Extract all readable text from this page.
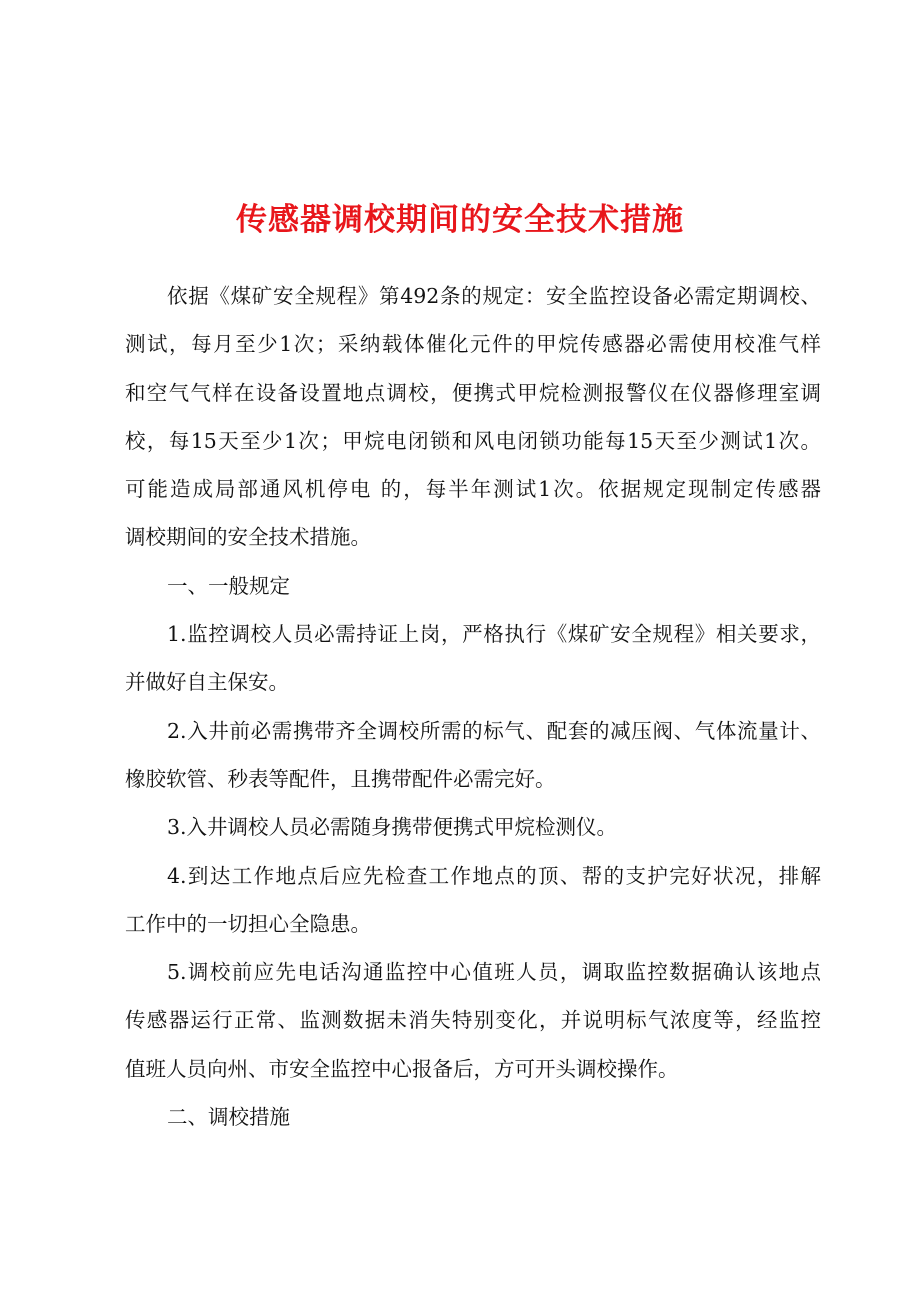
传感器调校期间的安全技术措施
依据《煤矿安全规程》第492条的规定：安全监控设备必需定期调校、
测试，每月至少1次；采纳载体催化元件的甲烷传感器必需使用校准气样
和空气气样在设备设置地点调校，便携式甲烷检测报警仪在仪器修理室调
校，每15天至少1次；甲烷电闭锁和风电闭锁功能每15天至少测试1次。
可能造成局部通风机停电 的，每半年测试1次。依据规定现制定传感器
调校期间的安全技术措施。
一、一般规定
1.监控调校人员必需持证上岗，严格执行《煤矿安全规程》相关要求，
并做好自主保安。
2.入井前必需携带齐全调校所需的标气、配套的减压阀、气体流量计、
橡胶软管、秒表等配件，且携带配件必需完好。
3.入井调校人员必需随身携带便携式甲烷检测仪。
4.到达工作地点后应先检查工作地点的顶、帮的支护完好状况，排解
工作中的一切担心全隐患。
5.调校前应先电话沟通监控中心值班人员，调取监控数据确认该地点
传感器运行正常、监测数据未消失特别变化，并说明标气浓度等，经监控
值班人员向州、市安全监控中心报备后，方可开头调校操作。
二、调校措施
